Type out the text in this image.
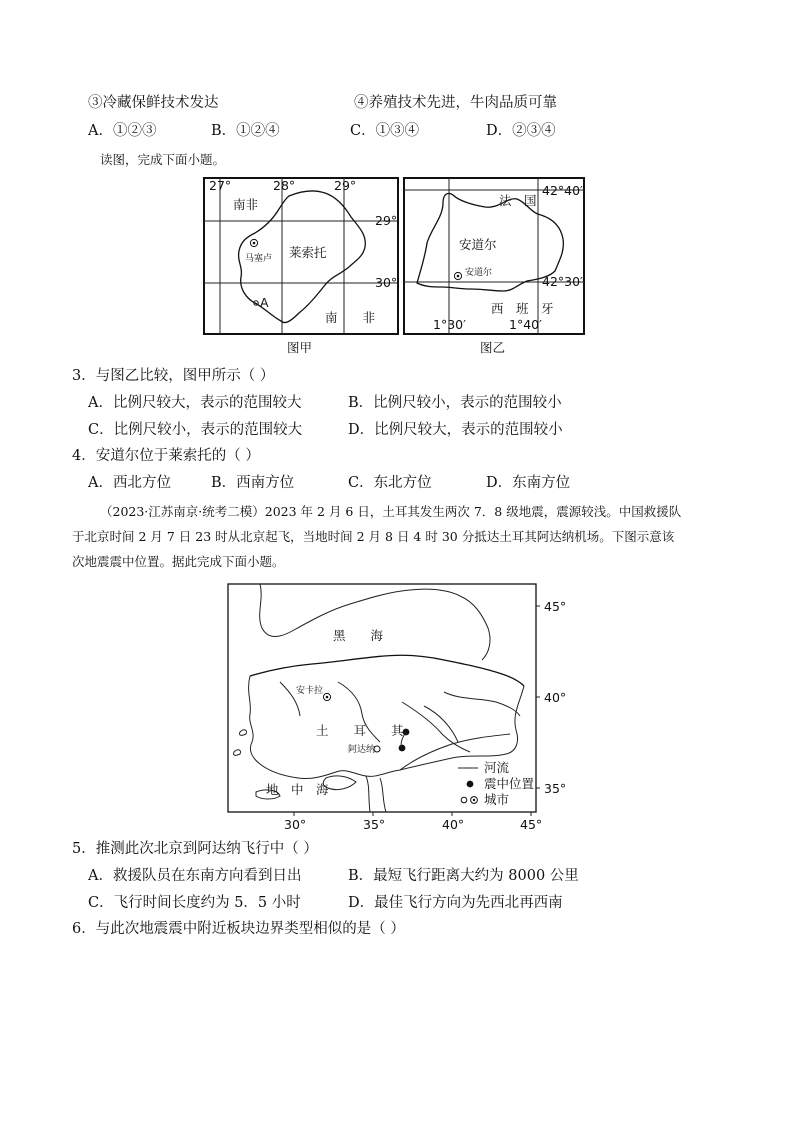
③冷藏保鲜技术发达	④养殖技术先进，牛肉品质可靠
A．①②③	B．①②④	C．①③④	D．②③④
读图，完成下面小题。
27°	28°	29°
29°
30°
南非
南　　非
莱索托
马塞卢
A
图甲
42°40′
42°30′
1°30′	1°40′
法　国
安道尔
安道尔
西　班　牙
图乙
3．与图乙比较，图甲所示（ ）
A．比例尺较大，表示的范围较大	B．比例尺较小，表示的范围较小
C．比例尺较小，表示的范围较大	D．比例尺较大，表示的范围较小
4．安道尔位于莱索托的（ ）
A．西北方位	B．西南方位	C．东北方位	D．东南方位
（2023·江苏南京·统考二模）2023 年 2 月 6 日，土耳其发生两次 7．8 级地震，震源较浅。中国救援队
于北京时间 2 月 7 日 23 时从北京起飞，当地时间 2 月 8 日 4 时 30 分抵达土耳其阿达纳机场。下图示意该
次地震震中位置。据此完成下面小题。
45°
40°
35°
30°	35°	40°	45°
黑　　海
安卡拉
土　　耳　　其
阿达纳
地　中　海
河流
震中位置
城市
5．推测此次北京到阿达纳飞行中（ ）
A．救援队员在东南方向看到日出	B．最短飞行距离大约为 8000 公里
C．飞行时间长度约为 5．5 小时	D．最佳飞行方向为先西北再西南
6．与此次地震震中附近板块边界类型相似的是（ ）
